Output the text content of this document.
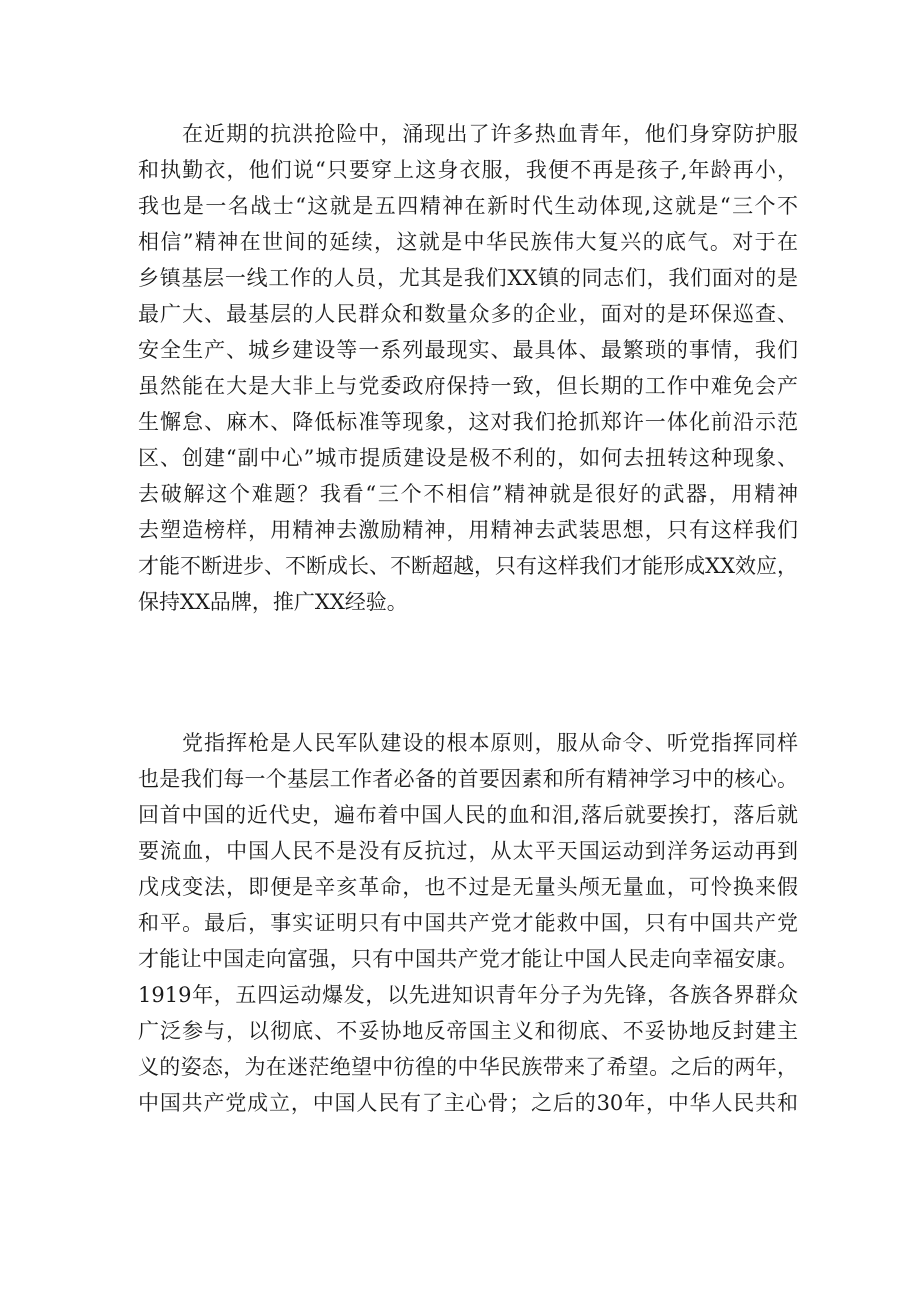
在近期的抗洪抢险中，涌现出了许多热血青年，他们身穿防护服
和执勤衣，他们说“只要穿上这身衣服，我便不再是孩子,年龄再小，
我也是一名战士“这就是五四精神在新时代生动体现,这就是“三个不
相信”精神在世间的延续，这就是中华民族伟大复兴的底气。对于在
乡镇基层一线工作的人员，尤其是我们XX镇的同志们，我们面对的是
最广大、最基层的人民群众和数量众多的企业，面对的是环保巡查、
安全生产、城乡建设等一系列最现实、最具体、最繁琐的事情，我们
虽然能在大是大非上与党委政府保持一致，但长期的工作中难免会产
生懈怠、麻木、降低标准等现象，这对我们抢抓郑许一体化前沿示范
区、创建“副中心”城市提质建设是极不利的，如何去扭转这种现象、
去破解这个难题？我看“三个不相信”精神就是很好的武器，用精神
去塑造榜样，用精神去激励精神，用精神去武装思想，只有这样我们
才能不断进步、不断成长、不断超越，只有这样我们才能形成XX效应，
保持XX品牌，推广XX经验。

党指挥枪是人民军队建设的根本原则，服从命令、听党指挥同样
也是我们每一个基层工作者必备的首要因素和所有精神学习中的核心。
回首中国的近代史，遍布着中国人民的血和泪,落后就要挨打，落后就
要流血，中国人民不是没有反抗过，从太平天国运动到洋务运动再到
戊戌变法，即便是辛亥革命，也不过是无量头颅无量血，可怜换来假
和平。最后，事实证明只有中国共产党才能救中国，只有中国共产党
才能让中国走向富强，只有中国共产党才能让中国人民走向幸福安康。
1919年，五四运动爆发，以先进知识青年分子为先锋，各族各界群众
广泛参与，以彻底、不妥协地反帝国主义和彻底、不妥协地反封建主
义的姿态，为在迷茫绝望中彷徨的中华民族带来了希望。之后的两年，
中国共产党成立，中国人民有了主心骨；之后的30年，中华人民共和
